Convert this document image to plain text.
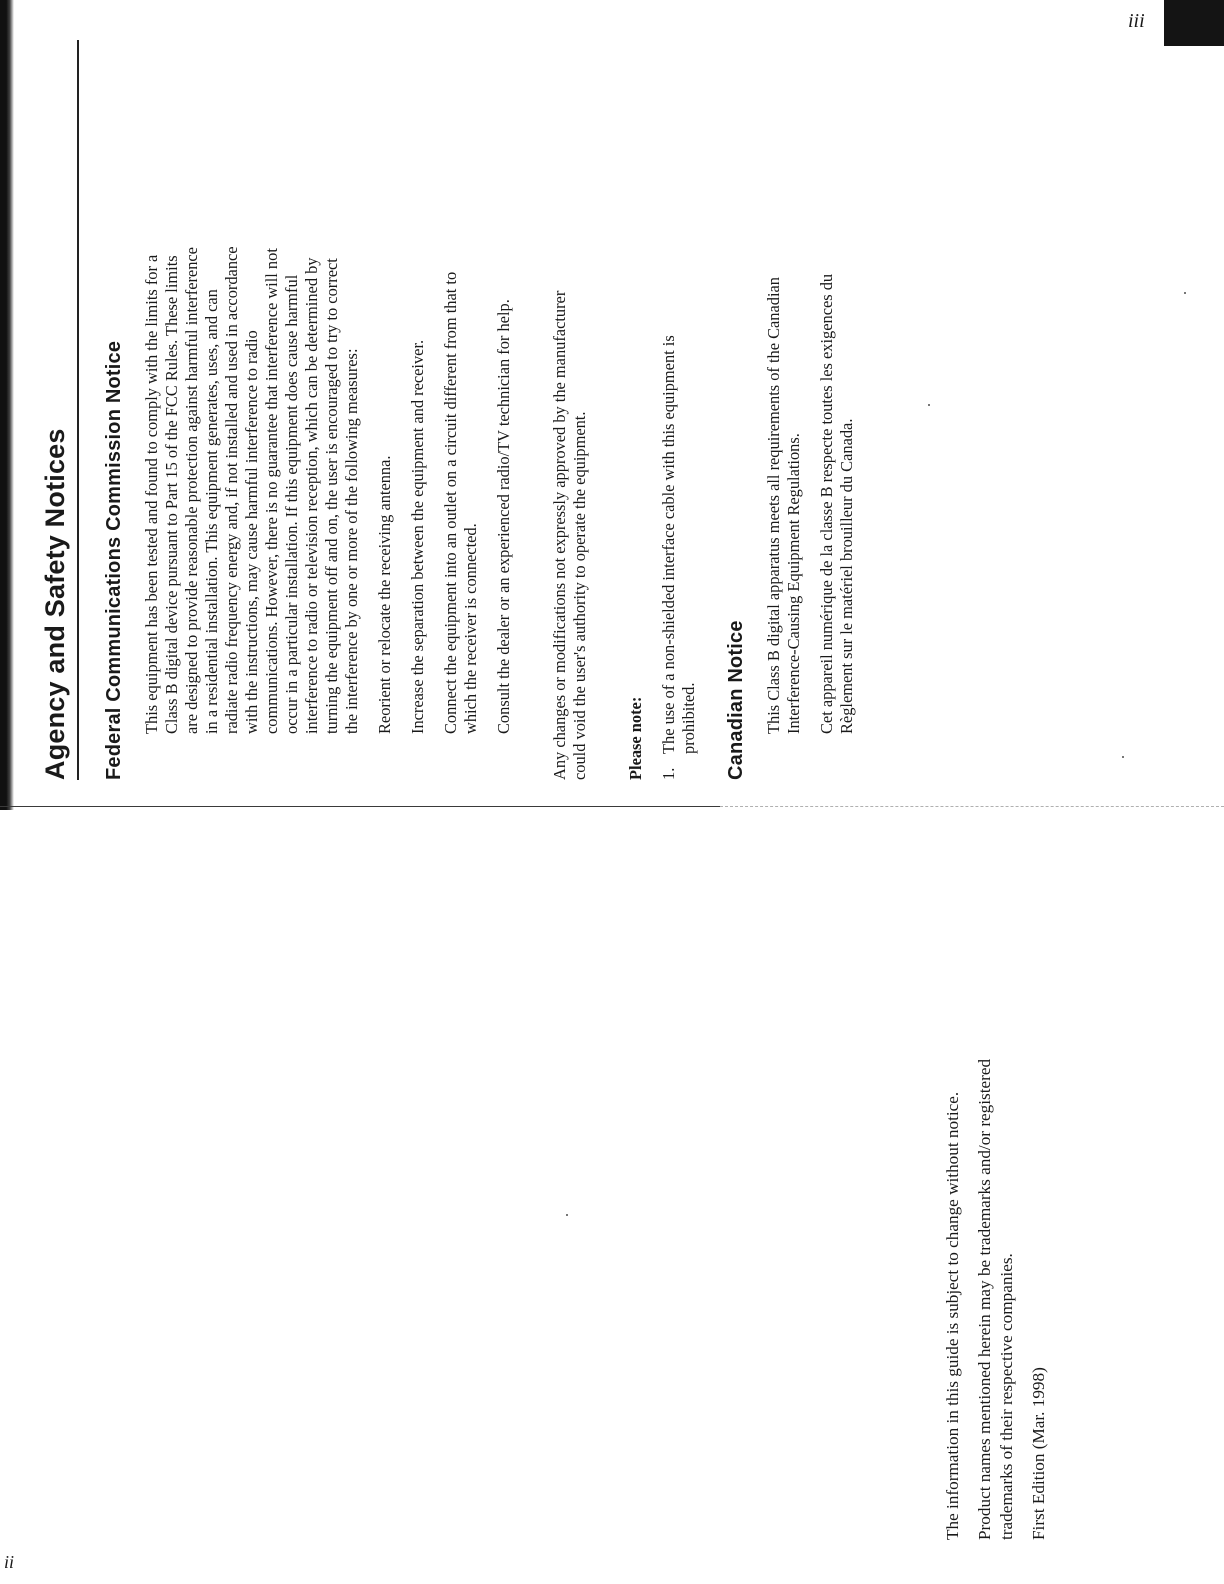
iii
ii
Agency and Safety Notices	Federal Communications Commission Notice This equipment has been tested and found to comply with the limits for a Class B digital device pursuant to Part 15 of the FCC Rules. These limits are designed to provide reasonable protection against harmful interference in a residential installation. This equipment generates, uses, and can radiate radio frequency energy and, if not installed and used in accordance with the instructions, may cause harmful interference to radio communications. However, there is no guarantee that interference will not occur in a particular installation. If this equipment does cause harmful interference to radio or television reception, which can be determined by turning the equipment off and on, the user is encouraged to try to correct the interference by one or more of the following measures: Reorient or relocate the receiving antenna. Increase the separation between the equipment and receiver. Connect the equipment into an outlet on a circuit different from that to which the receiver is connected. Consult the dealer or an experienced radio/TV technician for help. Any changes or modifications not expressly approved by the manufacturer could void the user's authority to operate the equipment. Please note: 1.
The use of a non-shielded interface cable with this equipment is prohibited. Canadian Notice This Class B digital apparatus meets all requirements of the Canadian Interference-Causing Equipment Regulations. Cet appareil numérique de la classe B respecte toutes les exigences du Règlement sur le matériel brouilleur du Canada.
The information in this guide is subject to change without notice. Product names mentioned herein may be trademarks and/or registered trademarks of their respective companies. First Edition (Mar. 1998)
